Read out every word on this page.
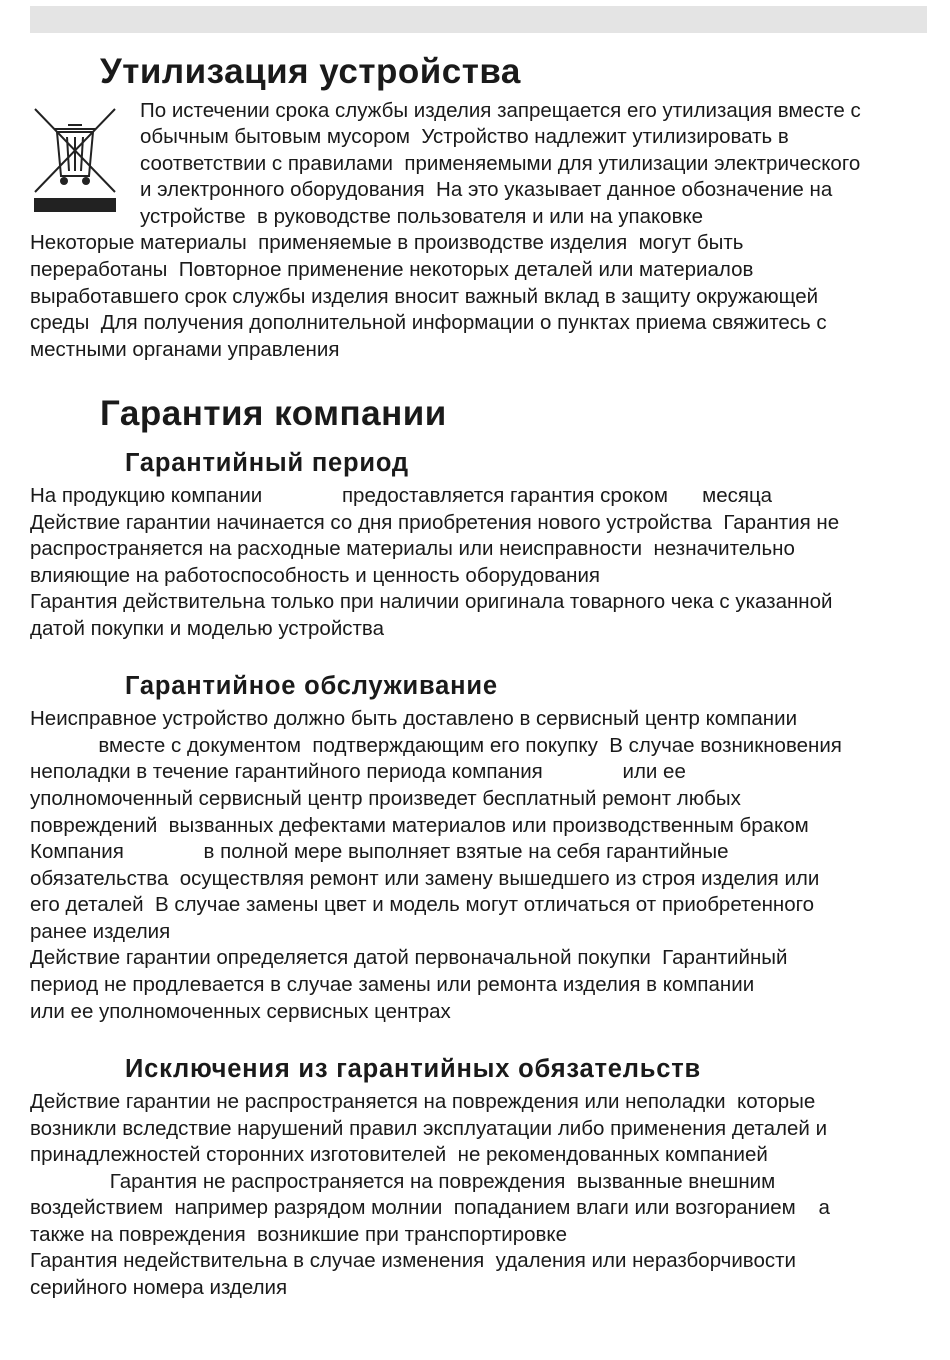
Утилизация устройства

По истечении срока службы изделия запрещается его утилизация вместе с

обычным бытовым мусором  Устройство надлежит утилизировать в

соответствии с правилами  применяемыми для утилизации электрического

и электронного оборудования  На это указывает данное обозначение на

устройстве  в руководстве пользователя и или на упаковке

Некоторые материалы  применяемые в производстве изделия  могут быть

переработаны  Повторное применение некоторых деталей или материалов

выработавшего срок службы изделия вносит важный вклад в защиту окружающей

среды  Для получения дополнительной информации о пунктах приема свяжитесь с

местными органами управления

Гарантия компании
Гарантийный период

На продукцию компании              предоставляется гарантия сроком      месяца

Действие гарантии начинается со дня приобретения нового устройства  Гарантия не

распространяется на расходные материалы или неисправности  незначительно

влияющие на работоспособность и ценность оборудования

Гарантия действительна только при наличии оригинала товарного чека с указанной

датой покупки и моделью устройства

Гарантийное обслуживание

Неисправное устройство должно быть доставлено в сервисный центр компании

вместе с документом  подтверждающим его покупку  В случае возникновения

неполадки в течение гарантийного периода компания              или ее

уполномоченный сервисный центр произведет бесплатный ремонт любых

повреждений  вызванных дефектами материалов или производственным браком

Компания              в полной мере выполняет взятые на себя гарантийные

обязательства  осуществляя ремонт или замену вышедшего из строя изделия или

его деталей  В случае замены цвет и модель могут отличаться от приобретенного

ранее изделия

Действие гарантии определяется датой первоначальной покупки  Гарантийный

период не продлевается в случае замены или ремонта изделия в компании

или ее уполномоченных сервисных центрах

Исключения из гарантийных обязательств

Действие гарантии не распространяется на повреждения или неполадки  которые

возникли вследствие нарушений правил эксплуатации либо применения деталей и

принадлежностей сторонних изготовителей  не рекомендованных компанией

Гарантия не распространяется на повреждения  вызванные внешним

воздействием  например разрядом молнии  попаданием влаги или возгоранием    а

также на повреждения  возникшие при транспортировке

Гарантия недействительна в случае изменения  удаления или неразборчивости

серийного номера изделия
